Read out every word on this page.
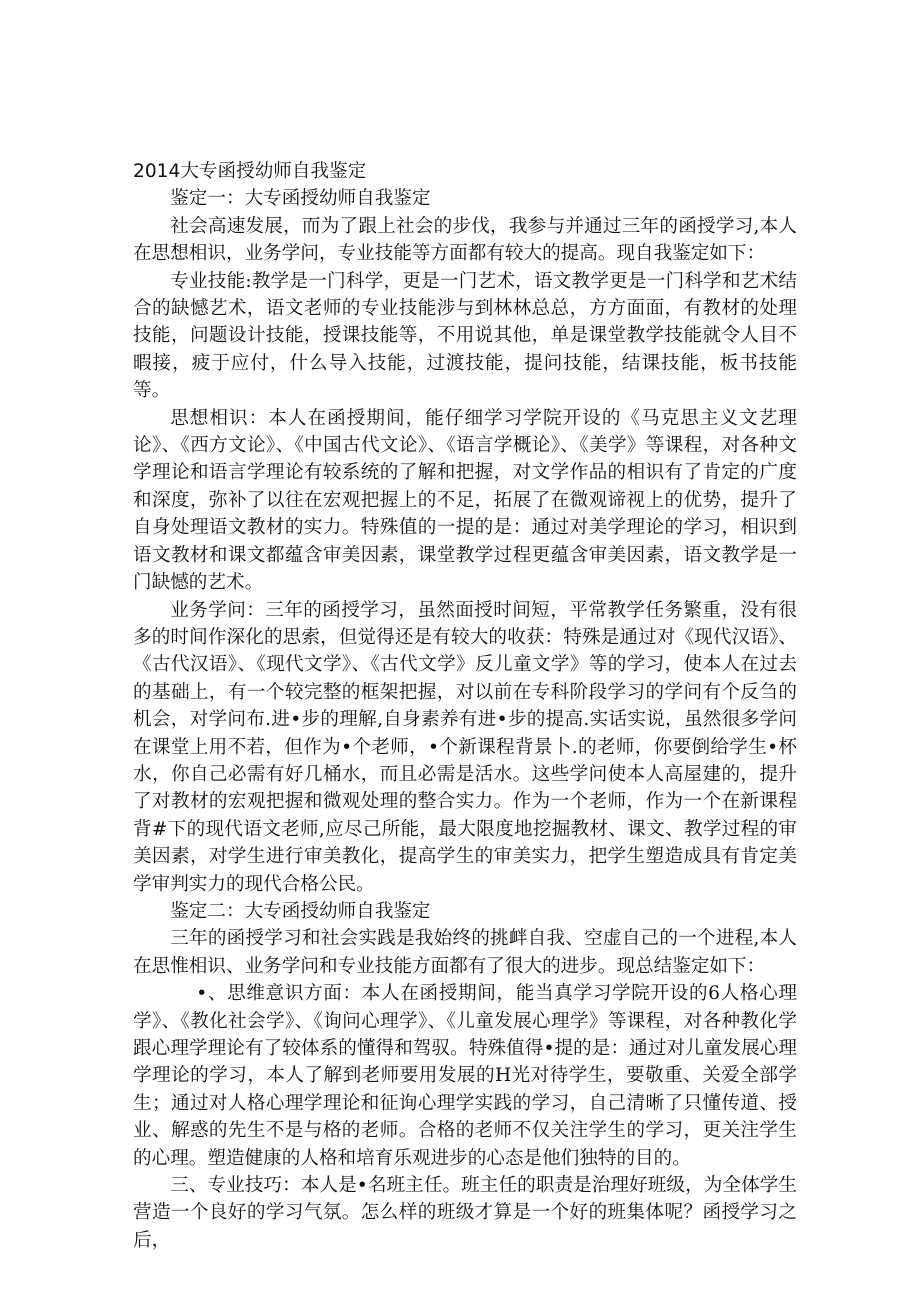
2014大专函授幼师自我鉴定

鉴定一：大专函授幼师自我鉴定

社会高速发展，而为了跟上社会的步伐，我参与并通过三年的函授学习,本人在思想相识，业务学问，专业技能等方面都有较大的提高。现自我鉴定如下：

专业技能:教学是一门科学，更是一门艺术，语文教学更是一门科学和艺术结合的缺憾艺术，语文老师的专业技能涉与到林林总总，方方面面，有教材的处理技能，问题设计技能，授课技能等，不用说其他，单是课堂教学技能就令人目不暇接，疲于应付，什么导入技能，过渡技能，提问技能，结课技能，板书技能等。

思想相识：本人在函授期间，能仔细学习学院开设的《马克思主义文艺理论》、《西方文论》、《中国古代文论》、《语言学概论》、《美学》等课程，对各种文学理论和语言学理论有较系统的了解和把握，对文学作品的相识有了肯定的广度和深度，弥补了以往在宏观把握上的不足，拓展了在微观谛视上的优势，提升了自身处理语文教材的实力。特殊值的一提的是：通过对美学理论的学习，相识到语文教材和课文都蕴含审美因素，课堂教学过程更蕴含审美因素，语文教学是一门缺憾的艺术。

业务学问：三年的函授学习，虽然面授时间短，平常教学任务繁重，没有很多的时间作深化的思索，但觉得还是有较大的收获：特殊是通过对《现代汉语》、《古代汉语》、《现代文学》、《古代文学》反儿童文学》等的学习，使本人在过去的基础上，有一个较完整的框架把握，对以前在专科阶段学习的学问有个反刍的机会，对学问布.进•步的理解,自身素养有进•步的提高.实话实说，虽然很多学问在课堂上用不若，但作为•个老师，•个新课程背景卜.的老师，你要倒给学生•杯水，你自己必需有好几桶水，而且必需是活水。这些学问使本人高屋建的，提升了对教材的宏观把握和微观处理的整合实力。作为一个老师，作为一个在新课程背#下的现代语文老师,应尽己所能，最大限度地挖掘教材、课文、教学过程的审美因素，对学生进行审美教化，提高学生的审美实力，把学生塑造成具有肯定美学审判实力的现代合格公民。

鉴定二：大专函授幼师自我鉴定

三年的函授学习和社会实践是我始终的挑衅自我、空虚自己的一个进程,本人在思惟相识、业务学问和专业技能方面都有了很大的进步。现总结鉴定如下：

•、思维意识方面：本人在函授期间，能当真学习学院开设的6人格心理学》、《教化社会学》、《询问心理学》、《儿童发展心理学》等课程，对各种教化学跟心理学理论有了较体系的懂得和驾驭。特殊值得•提的是：通过对儿童发展心理学理论的学习，本人了解到老师要用发展的H光对待学生，要敬重、关爱全部学生；通过对人格心理学理论和征询心理学实践的学习，自己清晰了只懂传道、授业、解惑的先生不是与格的老师。合格的老师不仅关注学生的学习，更关注学生的心理。塑造健康的人格和培育乐观进步的心态是他们独特的目的。

三、专业技巧：本人是•名班主任。班主任的职责是治理好班级，为全体学生营造一个良好的学习气氛。怎么样的班级才算是一个好的班集体呢？函授学习之后，
